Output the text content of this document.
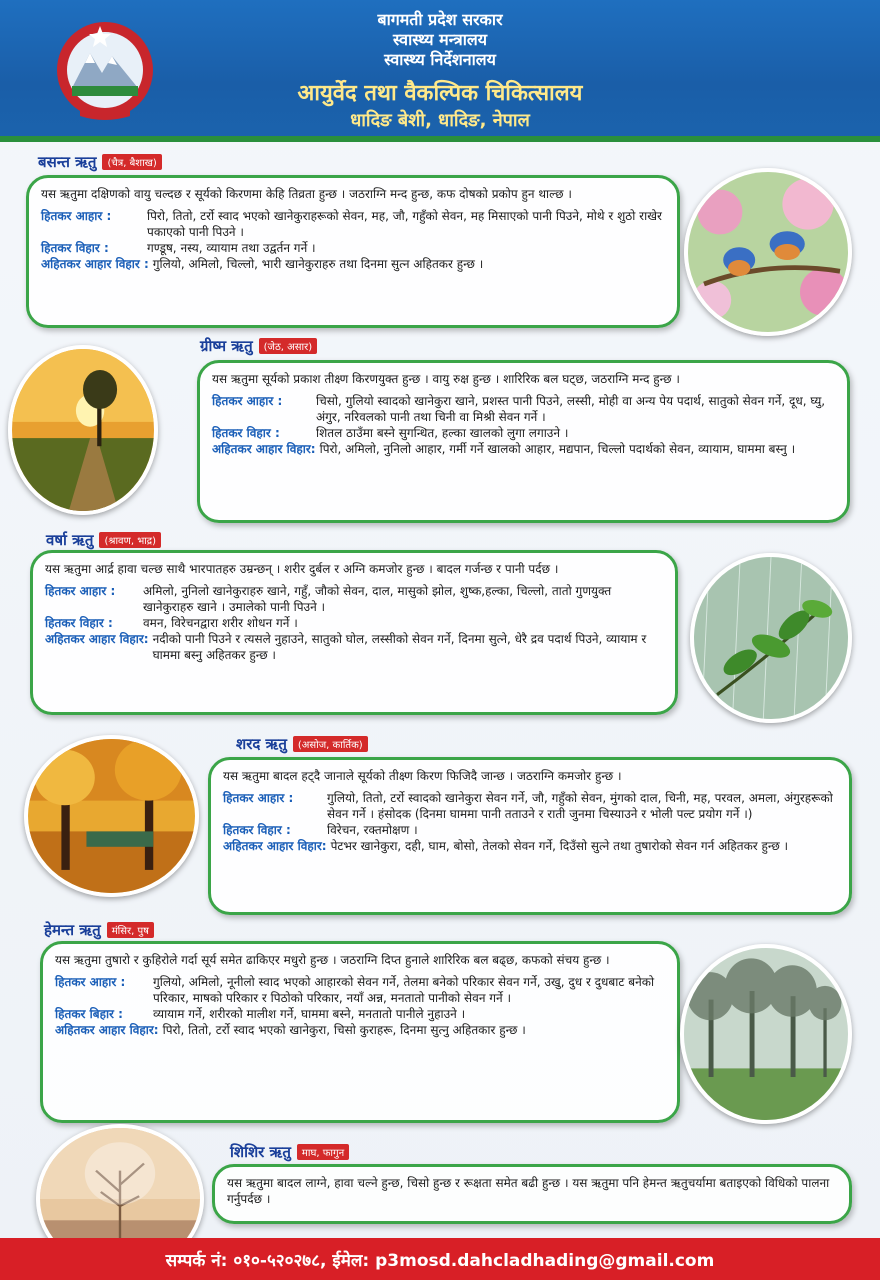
बागमती प्रदेश सरकार
स्वास्थ्य मन्त्रालय
स्वास्थ्य निर्देशनालय
आयुर्वेद तथा वैकल्पिक चिकित्सालय
धादिङ बेशी, धादिङ, नेपाल
बसन्त ऋतु	(चैत्र, बैशाख)

यस ऋतुमा दक्षिणको वायु चल्दछ र सूर्यको किरणमा केहि तिव्रता हुन्छ । जठराग्नि मन्द हुन्छ, कफ दोषको प्रकोप हुन थाल्छ ।

हितकर आहार :	पिरो, तितो, टर्रो स्वाद भएको खानेकुराहरूको सेवन, मह, जौ, गहुँको सेवन, मह मिसाएको पानी पिउने, मोथे र शुठो राखेर पकाएको पानी पिउने ।
हितकर विहार :	गण्डूष, नस्य, व्यायाम तथा उद्वर्तन गर्ने ।
अहितकर आहार विहार : गुलियो, अमिलो, चिल्लो, भारी खानेकुराहरु तथा दिनमा सुत्न अहितकर हुन्छ ।
ग्रीष्म ऋतु	(जेठ, असार)

यस ऋतुमा सूर्यको प्रकाश तीक्ष्ण किरणयुक्त हुन्छ । वायु रुक्ष हुन्छ । शारिरिक बल घट्छ, जठराग्नि मन्द हुन्छ ।

हितकर आहार :	चिसो, गुलियो स्वादको खानेकुरा खाने, प्रशस्त पानी पिउने, लस्सी, मोही वा अन्य पेय पदार्थ, सातुको सेवन गर्ने, दूध, घ्यु, अंगुर, नरिवलको पानी तथा चिनी वा मिश्री सेवन गर्ने ।
हितकर विहार :	शितल ठाउँमा बस्ने सुगन्धित, हल्का खालको लुगा लगाउने ।
अहितकर आहार विहार: पिरो, अमिलो, नुनिलो आहार, गर्मी गर्ने खालको आहार, मद्यपान, चिल्लो पदार्थको सेवन, व्यायाम, घाममा बस्नु ।
वर्षा ऋतु	(श्रावण, भाद्र)

यस ऋतुमा आर्द्र हावा चल्छ साथै भारपातहरु उम्रन्छन् । शरीर दुर्बल र अग्नि कमजोर हुन्छ । बादल गर्जन्छ र पानी पर्दछ ।

हितकर आहार :	अमिलो, नुनिलो खानेकुराहरु खाने, गहुँ, जौको सेवन, दाल, मासुको झोल, शुष्क,हल्का, चिल्लो, तातो गुणयुक्त खानेकुराहरु खाने । उमालेको पानी पिउने ।
हितकर विहार :	वमन, विरेचनद्वारा शरीर शोधन गर्ने ।
अहितकर आहार विहार: नदीको पानी पिउने र त्यसले नुहाउने, सातुको घोल, लस्सीको सेवन गर्ने, दिनमा सुत्ने, धेरै द्रव पदार्थ पिउने, व्यायाम र घाममा बस्नु अहितकर हुन्छ ।
शरद ऋतु	(असोज, कार्तिक)

यस ऋतुमा बादल हट्दै जानाले सूर्यको तीक्ष्ण किरण फिजिदै जान्छ । जठराग्नि कमजोर हुन्छ ।

हितकर आहार :	गुलियो, तितो, टर्रो स्वादको खानेकुरा सेवन गर्ने, जौ, गहुँको सेवन, मुंगको दाल, चिनी, मह, परवल, अमला, अंगुरहरूको सेवन गर्ने । हंसोदक (दिनमा घाममा पानी तताउने र राती जुनमा चिस्याउने र भोली पल्ट प्रयोग गर्ने ।)
हितकर विहार :	विरेचन, रक्तमोक्षण ।
अहितकर आहार विहार: पेटभर खानेकुरा, दही, घाम, बोसो, तेलको सेवन गर्ने, दिउँसो सुत्ने तथा तुषारोको सेवन गर्न अहितकर हुन्छ ।
हेमन्त ऋतु	मंसिर, पुष

यस ऋतुमा तुषारो र कुहिरोले गर्दा सूर्य समेत ढाकिएर मधुरो हुन्छ । जठराग्नि दिप्त हुनाले शारिरिक बल बढ्छ, कफको संचय हुन्छ ।

हितकर आहार :	गुलियो, अमिलो, नूनीलो स्वाद भएको आहारको सेवन गर्ने, तेलमा बनेको परिकार सेवन गर्ने, उखु, दुध र दुधबाट बनेको परिकार, माषको परिकार र पिठोको परिकार, नयाँ अन्न, मनतातो पानीको सेवन गर्ने ।
हितकर बिहार :	व्यायाम गर्ने, शरीरको मालीश गर्ने, घाममा बस्ने, मनतातो पानीले नुहाउने ।
अहितकर आहार विहार: पिरो, तितो, टर्रो स्वाद भएको खानेकुरा, चिसो कुराहरू, दिनमा सुत्नु अहितकार हुन्छ ।
शिशिर ऋतु	माघ, फागुन

यस ऋतुमा बादल लाग्ने, हावा चल्ने हुन्छ, चिसो हुन्छ र रूक्षता समेत बढी हुन्छ । यस ऋतुमा पनि हेमन्त ऋतुचर्यामा बताइएको विधिको पालना गर्नुपर्दछ ।

सम्पर्क नं: ०१०-५२०२७८, ईमेल: p3mosd.dahcladhading@gmail.com
